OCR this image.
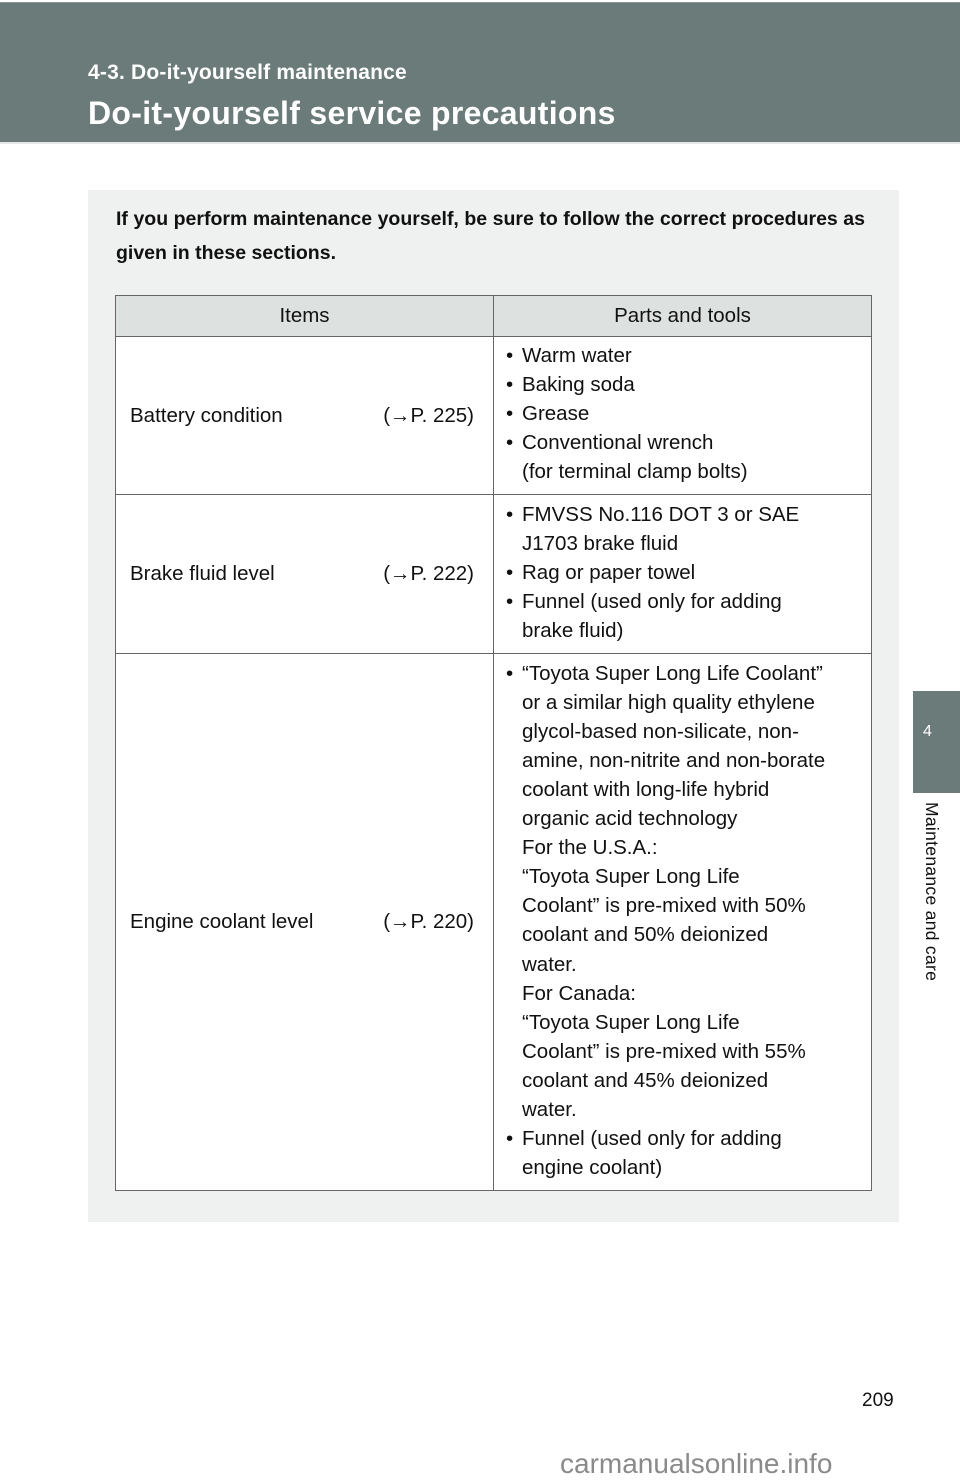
4-3. Do-it-yourself maintenance
Do-it-yourself service precautions
If you perform maintenance yourself, be sure to follow the correct procedures as given in these sections.
Items	Parts and tools

Battery condition	(→P. 225)

• Warm water
• Baking soda
• Grease
• Conventional wrench
(for terminal clamp bolts)

Brake fluid level	(→P. 222)

• FMVSS No.116 DOT 3 or SAE
J1703 brake fluid
• Rag or paper towel
• Funnel (used only for adding
brake fluid)

Engine coolant level	(→P. 220)

• “Toyota Super Long Life Coolant”
or a similar high quality ethylene
glycol-based non-silicate, non-
amine, non-nitrite and non-borate
coolant with long-life hybrid
organic acid technology
For the U.S.A.:
“Toyota Super Long Life
Coolant” is pre-mixed with 50%
coolant and 50% deionized
water.
For Canada:
“Toyota Super Long Life
Coolant” is pre-mixed with 55%
coolant and 45% deionized
water.
• Funnel (used only for adding
engine coolant)
4
Maintenance and care
209
carmanualsonline.info
